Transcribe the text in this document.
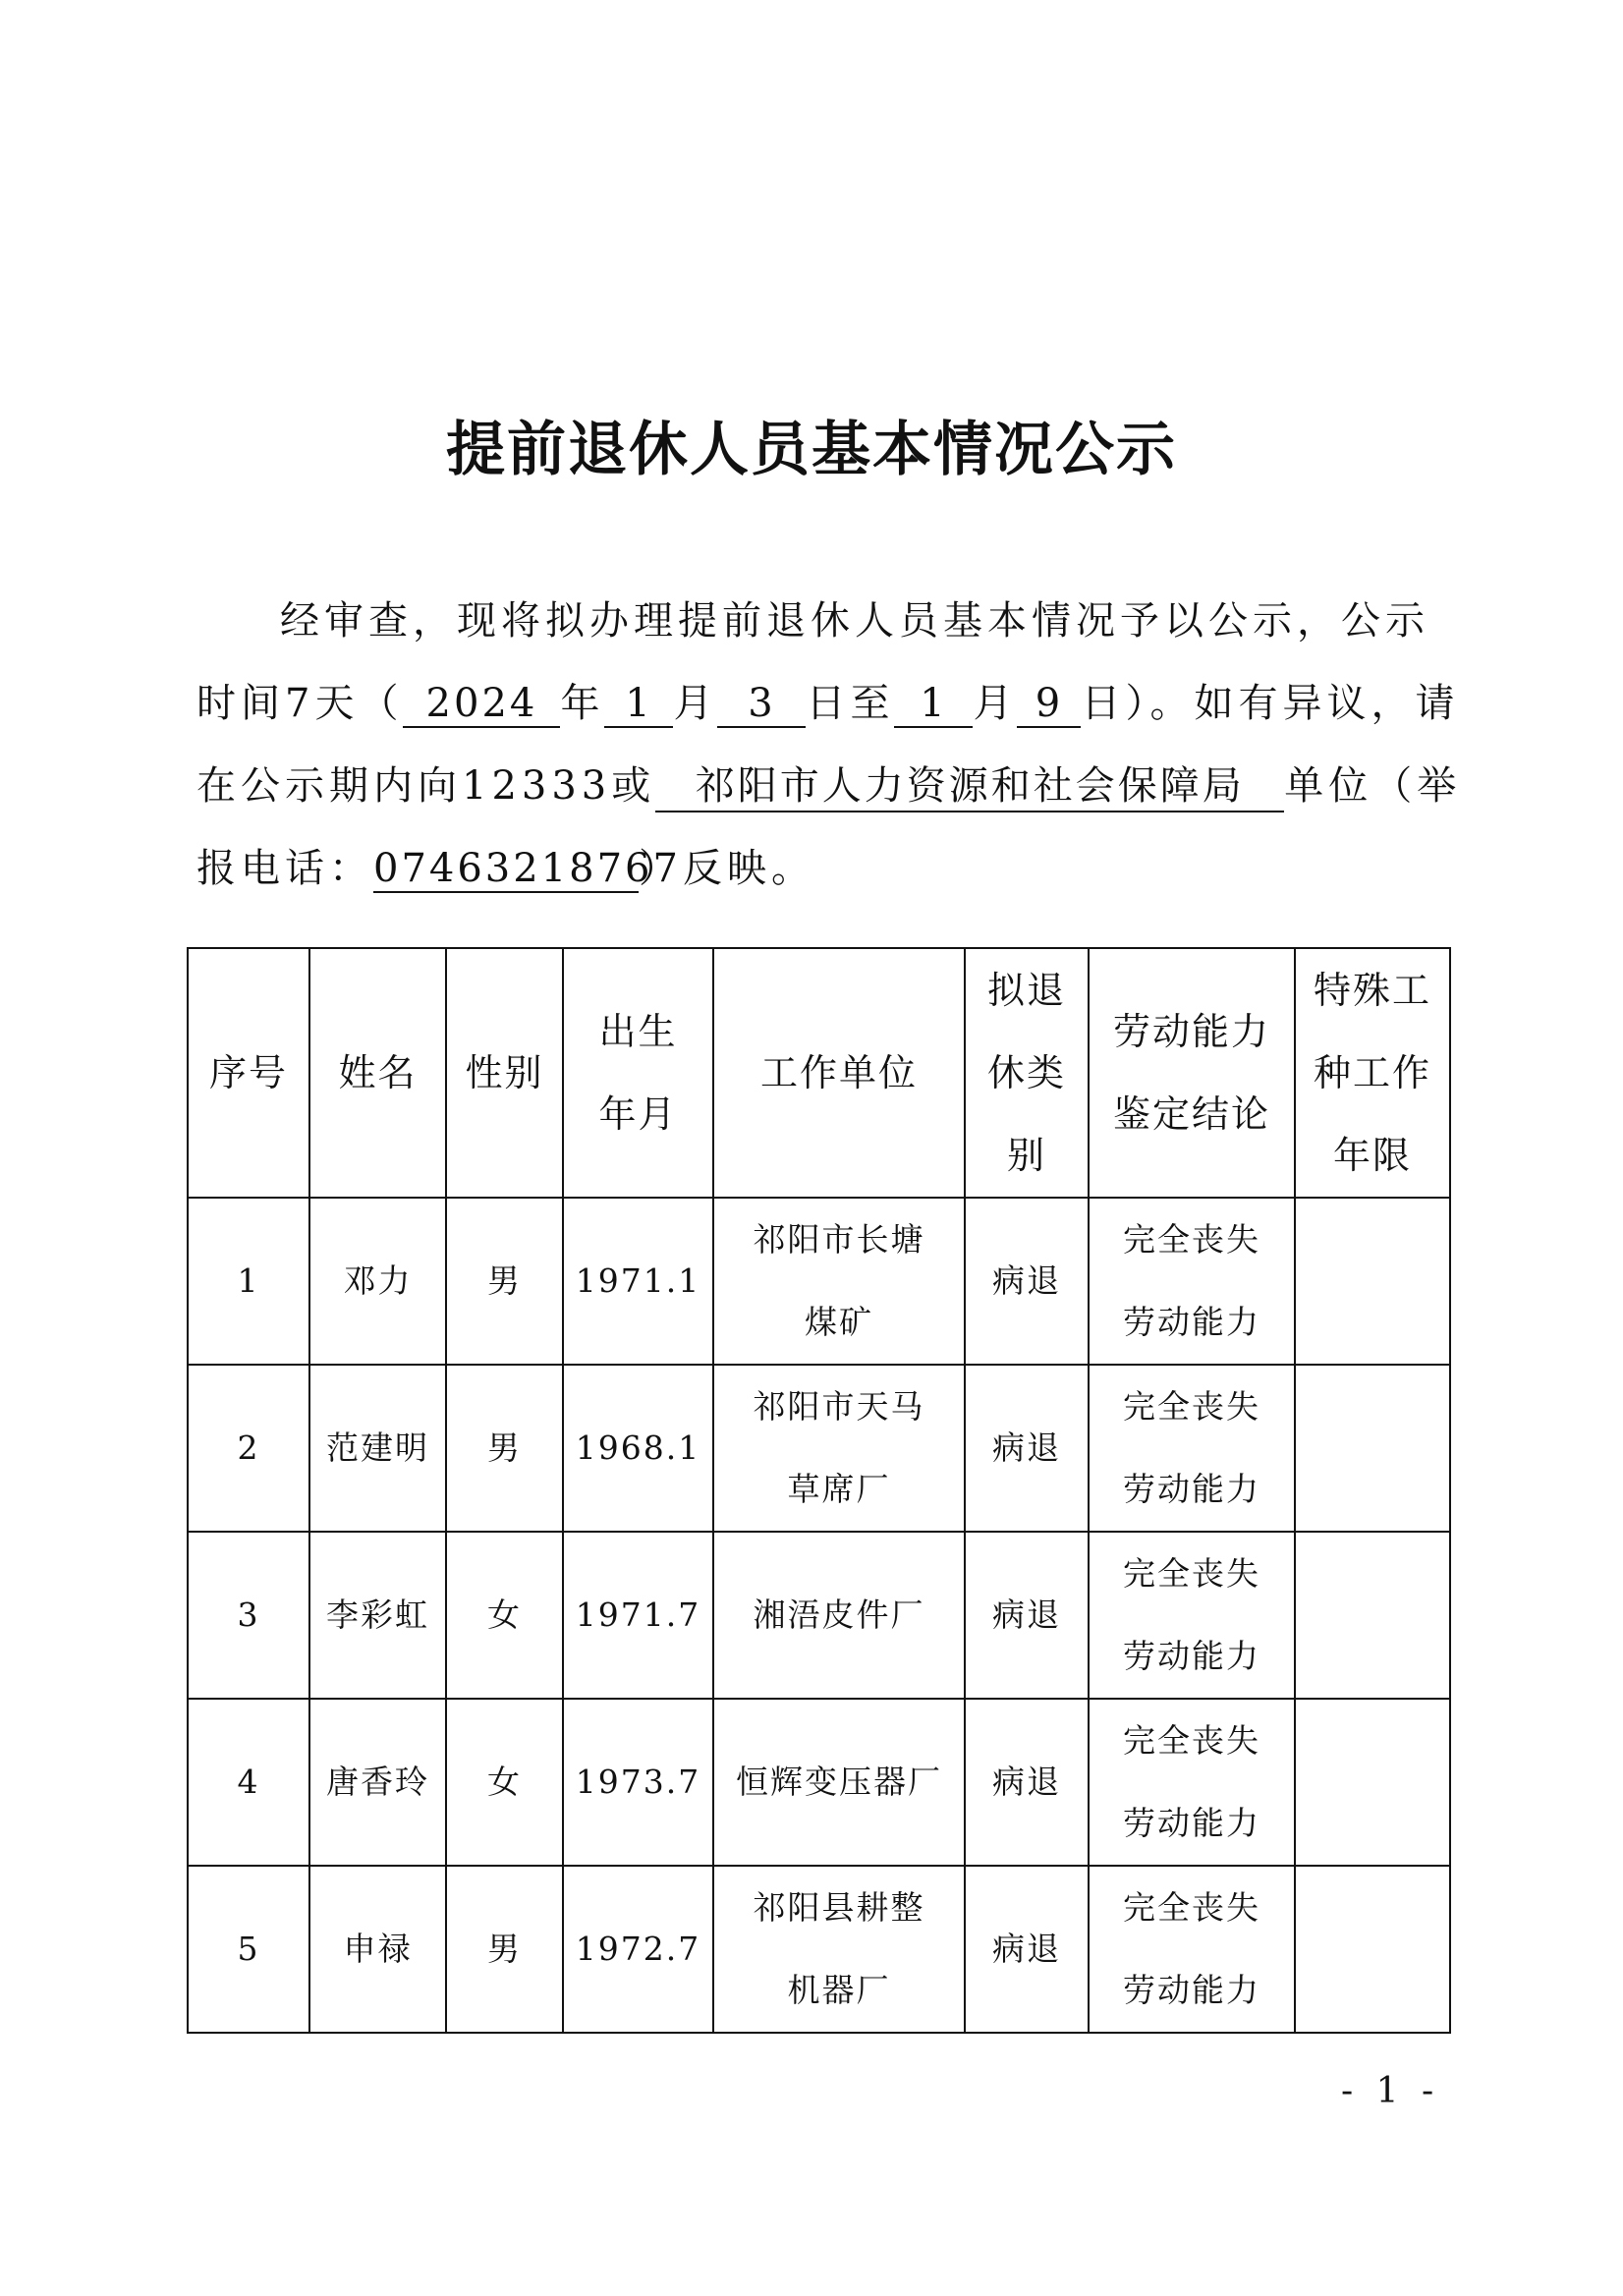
提前退休人员基本情况公示
经审查，现将拟办理提前退休人员基本情况予以公示，公示
时间7天（ 2024 年 1 月 3 日至 1 月 9 日）。如有异议，请
在公示期内向12333或 祁阳市人力资源和社会保障局 单位（举
报电话：07463218767）反映。
序号	姓名	性别	出生年月	工作单位	拟退休类别	劳动能力鉴定结论	特殊工种工作年限
1	邓力	男	1971.1	祁阳市长塘煤矿	病退	完全丧失劳动能力	
2	范建明	男	1968.1	祁阳市天马草席厂	病退	完全丧失劳动能力	
3	李彩虹	女	1971.7	湘浯皮件厂	病退	完全丧失劳动能力	
4	唐香玲	女	1973.7	恒辉变压器厂	病退	完全丧失劳动能力	
5	申禄	男	1972.7	祁阳县耕整机器厂	病退	完全丧失劳动能力	
- 1 -
